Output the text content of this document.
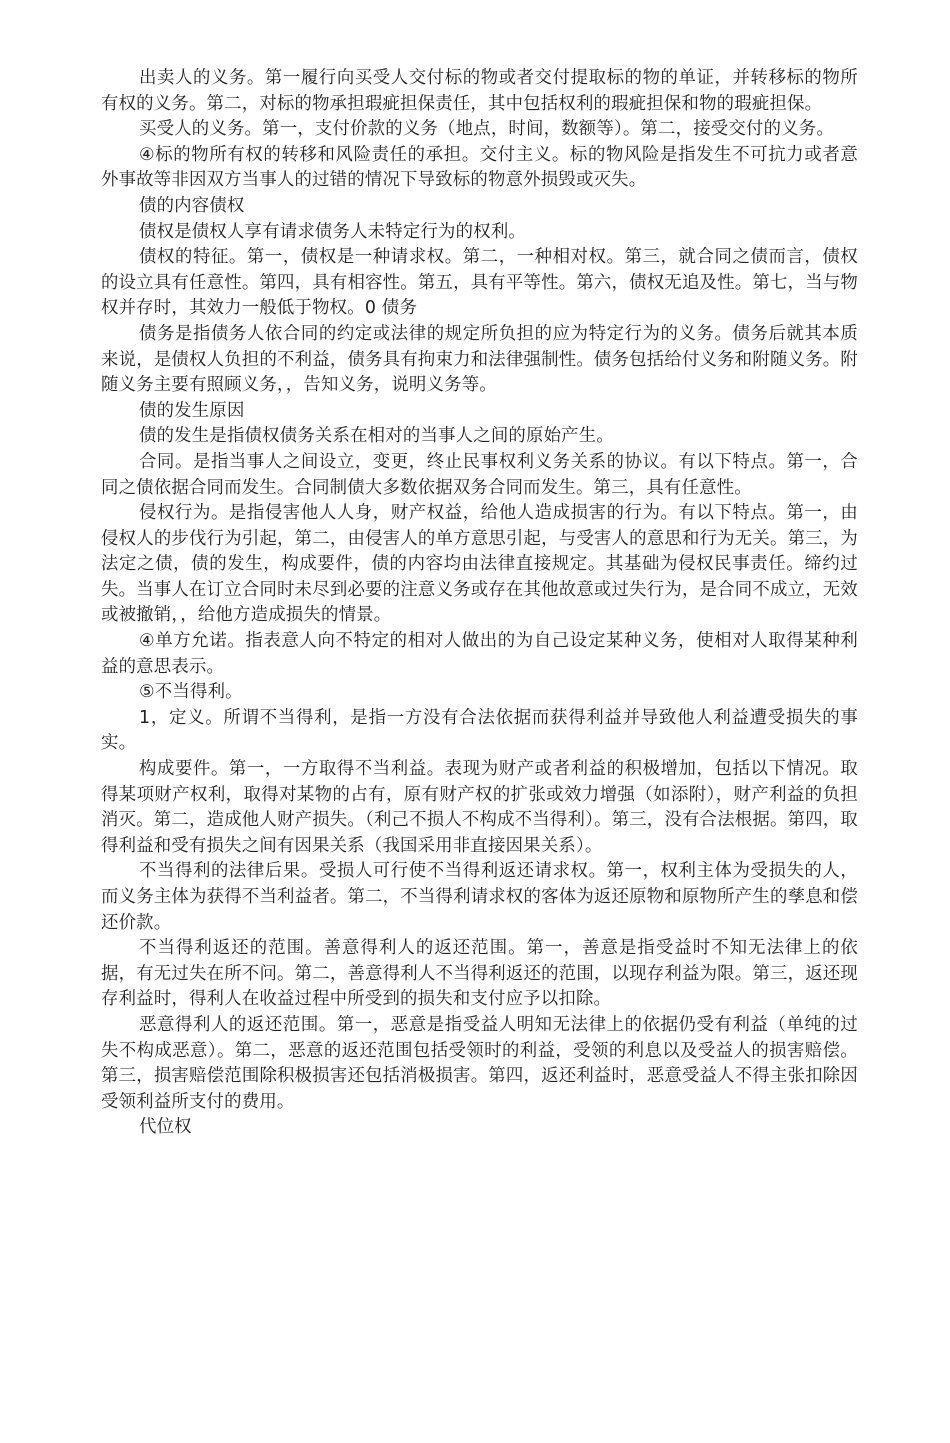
出卖人的义务。第一履行向买受人交付标的物或者交付提取标的物的单证，并转移标的物所有权的义务。第二，对标的物承担瑕疵担保责任，其中包括权利的瑕疵担保和物的瑕疵担保。

买受人的义务。第一，支付价款的义务（地点，时间，数额等）。第二，接受交付的义务。

④标的物所有权的转移和风险责任的承担。交付主义。标的物风险是指发生不可抗力或者意外事故等非因双方当事人的过错的情况下导致标的物意外损毁或灭失。

债的内容债权

债权是债权人享有请求债务人未特定行为的权利。

债权的特征。第一，债权是一种请求权。第二，一种相对权。第三，就合同之债而言，债权的设立具有任意性。第四，具有相容性。第五，具有平等性。第六，债权无追及性。第七，当与物权并存时，其效力一般低于物权。0 债务

债务是指债务人依合同的约定或法律的规定所负担的应为特定行为的义务。债务后就其本质来说，是债权人负担的不利益，债务具有拘束力和法律强制性。债务包括给付义务和附随义务。附随义务主要有照顾义务，，告知义务，说明义务等。

债的发生原因

债的发生是指债权债务关系在相对的当事人之间的原始产生。

合同。是指当事人之间设立，变更，终止民事权利义务关系的协议。有以下特点。第一，合同之债依据合同而发生。合同制债大多数依据双务合同而发生。第三，具有任意性。

侵权行为。是指侵害他人人身，财产权益，给他人造成损害的行为。有以下特点。第一，由侵权人的步伐行为引起，第二，由侵害人的单方意思引起，与受害人的意思和行为无关。第三，为法定之债，债的发生，构成要件，债的内容均由法律直接规定。其基础为侵权民事责任。缔约过失。当事人在订立合同时未尽到必要的注意义务或存在其他故意或过失行为，是合同不成立，无效或被撤销，，给他方造成损失的情景。

④单方允诺。指表意人向不特定的相对人做出的为自己设定某种义务，使相对人取得某种利益的意思表示。

⑤不当得利。

1，定义。所谓不当得利，是指一方没有合法依据而获得利益并导致他人利益遭受损失的事实。

构成要件。第一，一方取得不当利益。表现为财产或者利益的积极增加，包括以下情况。取得某项财产权利，取得对某物的占有，原有财产权的扩张或效力增强（如添附），财产利益的负担消灭。第二，造成他人财产损失。（利己不损人不构成不当得利）。第三，没有合法根据。第四，取得利益和受有损失之间有因果关系（我国采用非直接因果关系）。

不当得利的法律后果。受损人可行使不当得利返还请求权。第一，权利主体为受损失的人，而义务主体为获得不当利益者。第二，不当得利请求权的客体为返还原物和原物所产生的孳息和偿还价款。

不当得利返还的范围。善意得利人的返还范围。第一，善意是指受益时不知无法律上的依据，有无过失在所不问。第二，善意得利人不当得利返还的范围，以现存利益为限。第三，返还现存利益时，得利人在收益过程中所受到的损失和支付应予以扣除。

恶意得利人的返还范围。第一，恶意是指受益人明知无法律上的依据仍受有利益（单纯的过失不构成恶意）。第二，恶意的返还范围包括受领时的利益，受领的利息以及受益人的损害赔偿。第三，损害赔偿范围除积极损害还包括消极损害。第四，返还利益时，恶意受益人不得主张扣除因受领利益所支付的费用。

代位权
